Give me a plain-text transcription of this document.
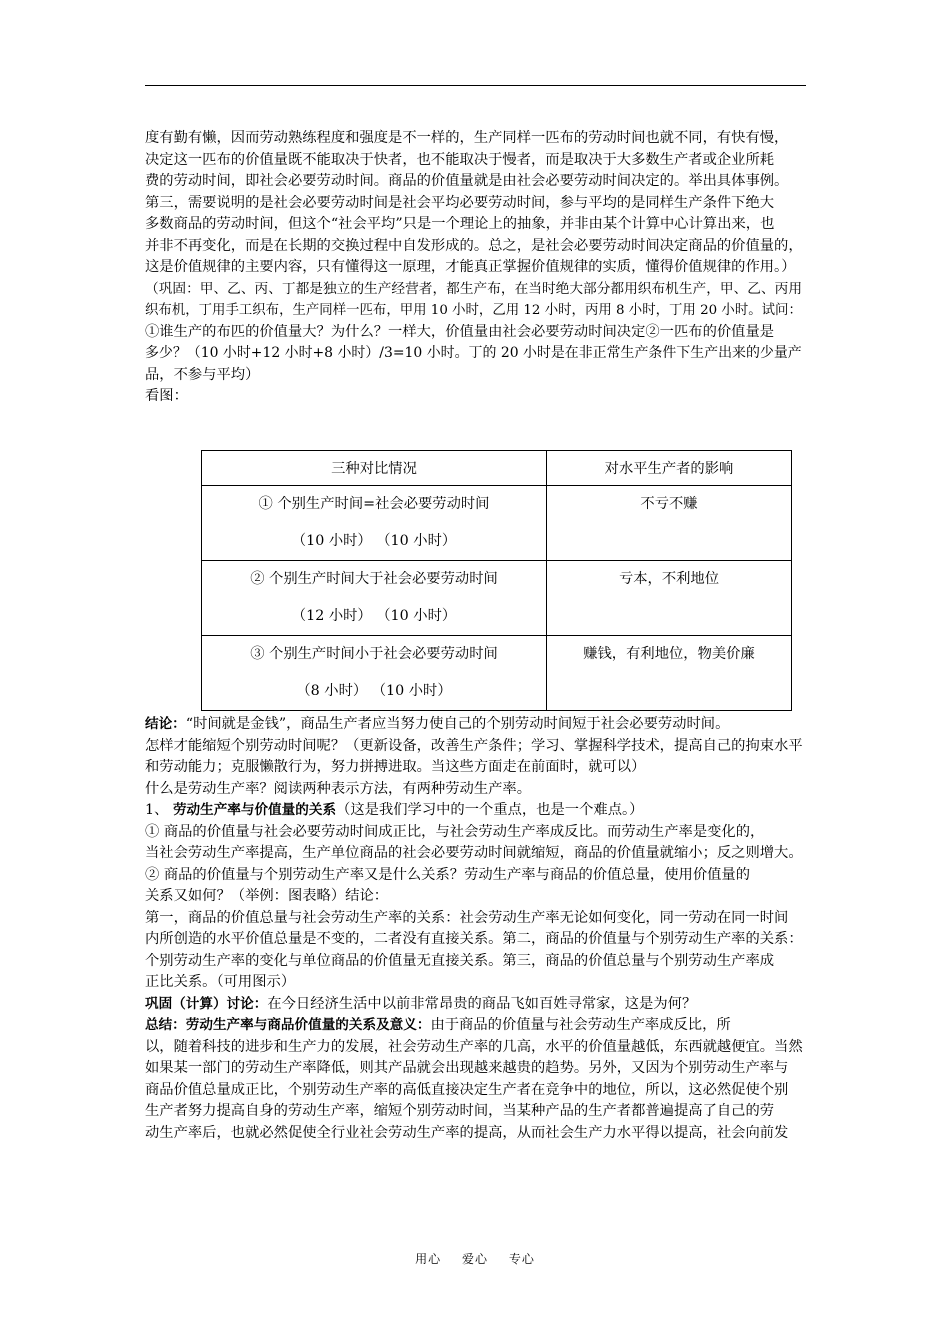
度有勤有懒，因而劳动熟练程度和强度是不一样的，生产同样一匹布的劳动时间也就不同，有快有慢，
决定这一匹布的价值量既不能取决于快者，也不能取决于慢者，而是取决于大多数生产者或企业所耗
费的劳动时间，即社会必要劳动时间。商品的价值量就是由社会必要劳动时间决定的。举出具体事例。
第三，需要说明的是社会必要劳动时间是社会平均必要劳动时间，参与平均的是同样生产条件下绝大
多数商品的劳动时间，但这个“社会平均”只是一个理论上的抽象，并非由某个计算中心计算出来，也
并非不再变化，而是在长期的交换过程中自发形成的。总之，是社会必要劳动时间决定商品的价值量的，
这是价值规律的主要内容，只有懂得这一原理，才能真正掌握价值规律的实质，懂得价值规律的作用。）
（巩固：甲、乙、丙、丁都是独立的生产经营者，都生产布，在当时绝大部分都用织布机生产，甲、乙、丙用
织布机，丁用手工织布，生产同样一匹布，甲用 10 小时，乙用 12 小时，丙用 8 小时，丁用 20 小时。试问：
①谁生产的布匹的价值量大？为什么？一样大，价值量由社会必要劳动时间决定②一匹布的价值量是
多少？（10 小时+12 小时+8 小时）/3=10 小时。丁的 20 小时是在非正常生产条件下生产出来的少量产
品，不参与平均）
看图：
三种对比情况	对水平生产者的影响

① 个别生产时间=社会必要劳动时间
（10 小时） （10 小时）	不亏不赚

② 个别生产时间大于社会必要劳动时间
（12 小时） （10 小时）	亏本，不利地位

③ 个别生产时间小于社会必要劳动时间
（8 小时） （10 小时）	赚钱，有利地位，物美价廉
结论：“时间就是金钱”，商品生产者应当努力使自己的个别劳动时间短于社会必要劳动时间。
怎样才能缩短个别劳动时间呢？（更新设备，改善生产条件；学习、掌握科学技术，提高自己的拘束水平
和劳动能力；克服懒散行为，努力拼搏进取。当这些方面走在前面时，就可以）
什么是劳动生产率？阅读两种表示方法，有两种劳动生产率。
1、 劳动生产率与价值量的关系（这是我们学习中的一个重点，也是一个难点。）
① 商品的价值量与社会必要劳动时间成正比，与社会劳动生产率成反比。而劳动生产率是变化的，
当社会劳动生产率提高，生产单位商品的社会必要劳动时间就缩短，商品的价值量就缩小；反之则增大。
② 商品的价值量与个别劳动生产率又是什么关系？劳动生产率与商品的价值总量，使用价值量的
关系又如何？（举例：图表略）结论：
第一，商品的价值总量与社会劳动生产率的关系：社会劳动生产率无论如何变化，同一劳动在同一时间
内所创造的水平价值总量是不变的，二者没有直接关系。第二，商品的价值量与个别劳动生产率的关系：
个别劳动生产率的变化与单位商品的价值量无直接关系。第三，商品的价值总量与个别劳动生产率成
正比关系。（可用图示）
巩固（计算）讨论：在今日经济生活中以前非常昂贵的商品飞如百姓寻常家，这是为何？
总结：劳动生产率与商品价值量的关系及意义：由于商品的价值量与社会劳动生产率成反比，所
以，随着科技的进步和生产力的发展，社会劳动生产率的几高，水平的价值量越低，东西就越便宜。当然
如果某一部门的劳动生产率降低，则其产品就会出现越来越贵的趋势。另外，又因为个别劳动生产率与
商品价值总量成正比，个别劳动生产率的高低直接决定生产者在竞争中的地位，所以，这必然促使个别
生产者努力提高自身的劳动生产率，缩短个别劳动时间，当某种产品的生产者都普遍提高了自己的劳
动生产率后，也就必然促使全行业社会劳动生产率的提高，从而社会生产力水平得以提高，社会向前发
用心 爱心 专心
